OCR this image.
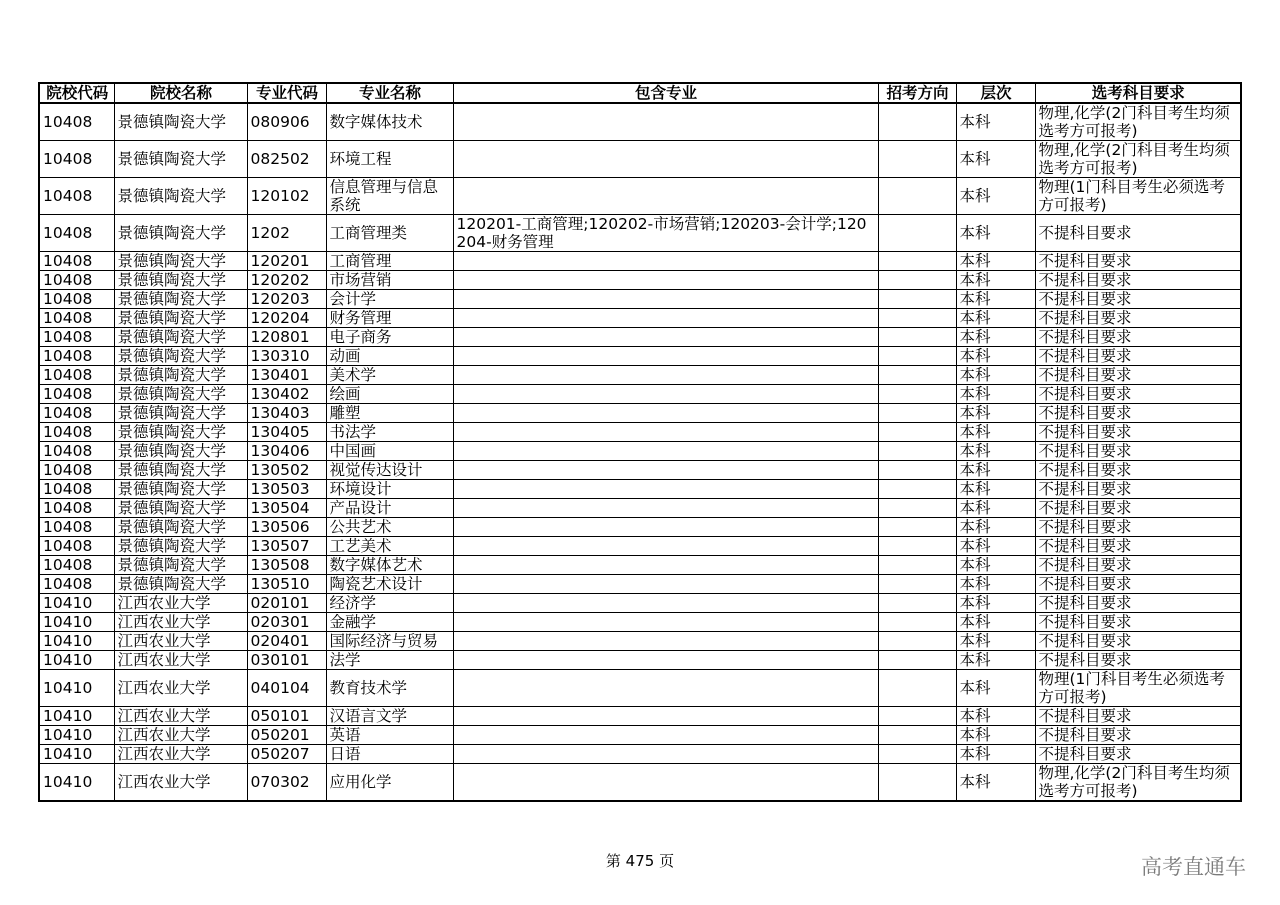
院校代码	院校名称	专业代码	专业名称	包含专业	招考方向	层次	选考科目要求
10408	景德镇陶瓷大学	080906	数字媒体技术			本科	物理,化学(2门科目考生均须选考方可报考)
10408	景德镇陶瓷大学	082502	环境工程			本科	物理,化学(2门科目考生均须选考方可报考)
10408	景德镇陶瓷大学	120102	信息管理与信息系统			本科	物理(1门科目考生必须选考方可报考)
10408	景德镇陶瓷大学	1202	工商管理类	120201-工商管理;120202-市场营销;120203-会计学;120204-财务管理		本科	不提科目要求
10408	景德镇陶瓷大学	120201	工商管理			本科	不提科目要求
10408	景德镇陶瓷大学	120202	市场营销			本科	不提科目要求
10408	景德镇陶瓷大学	120203	会计学			本科	不提科目要求
10408	景德镇陶瓷大学	120204	财务管理			本科	不提科目要求
10408	景德镇陶瓷大学	120801	电子商务			本科	不提科目要求
10408	景德镇陶瓷大学	130310	动画			本科	不提科目要求
10408	景德镇陶瓷大学	130401	美术学			本科	不提科目要求
10408	景德镇陶瓷大学	130402	绘画			本科	不提科目要求
10408	景德镇陶瓷大学	130403	雕塑			本科	不提科目要求
10408	景德镇陶瓷大学	130405	书法学			本科	不提科目要求
10408	景德镇陶瓷大学	130406	中国画			本科	不提科目要求
10408	景德镇陶瓷大学	130502	视觉传达设计			本科	不提科目要求
10408	景德镇陶瓷大学	130503	环境设计			本科	不提科目要求
10408	景德镇陶瓷大学	130504	产品设计			本科	不提科目要求
10408	景德镇陶瓷大学	130506	公共艺术			本科	不提科目要求
10408	景德镇陶瓷大学	130507	工艺美术			本科	不提科目要求
10408	景德镇陶瓷大学	130508	数字媒体艺术			本科	不提科目要求
10408	景德镇陶瓷大学	130510	陶瓷艺术设计			本科	不提科目要求
10410	江西农业大学	020101	经济学			本科	不提科目要求
10410	江西农业大学	020301	金融学			本科	不提科目要求
10410	江西农业大学	020401	国际经济与贸易			本科	不提科目要求
10410	江西农业大学	030101	法学			本科	不提科目要求
10410	江西农业大学	040104	教育技术学			本科	物理(1门科目考生必须选考方可报考)
10410	江西农业大学	050101	汉语言文学			本科	不提科目要求
10410	江西农业大学	050201	英语			本科	不提科目要求
10410	江西农业大学	050207	日语			本科	不提科目要求
10410	江西农业大学	070302	应用化学			本科	物理,化学(2门科目考生均须选考方可报考)
第 475 页	高考直通车
